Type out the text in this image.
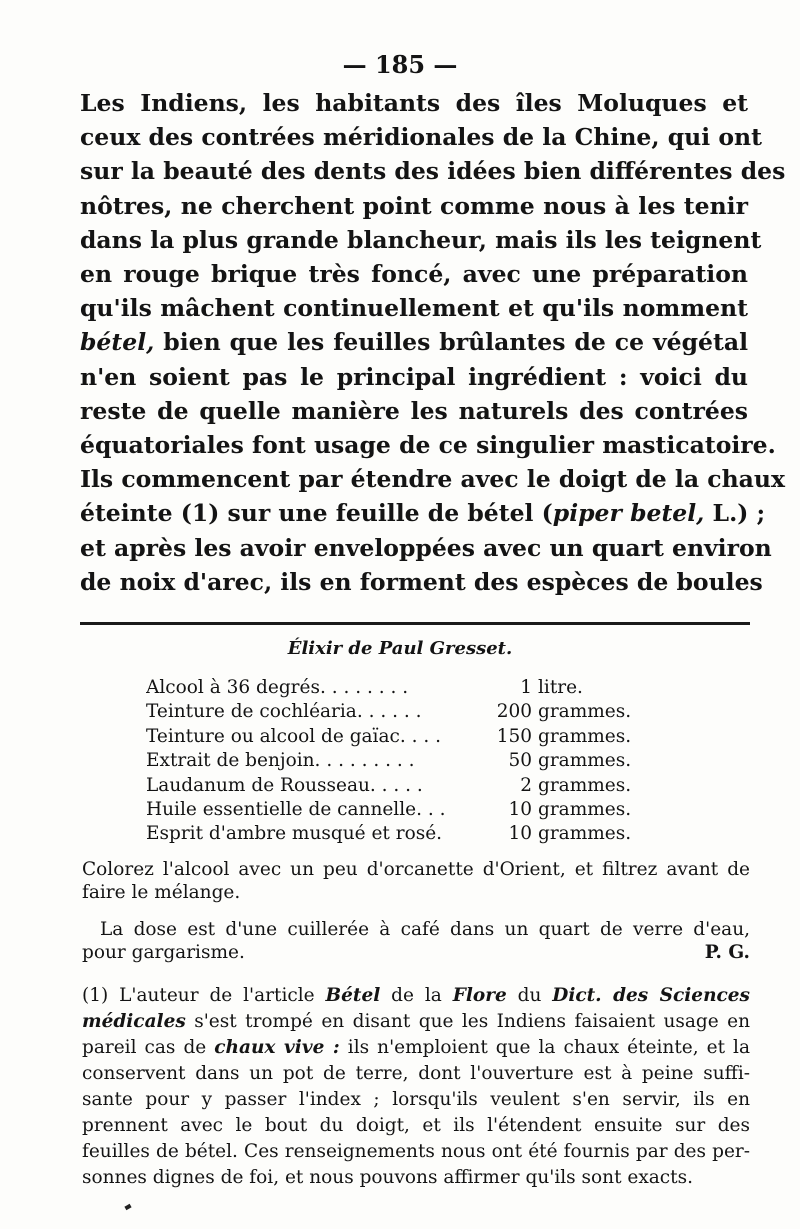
— 185 —
Les Indiens, les habitants des îles Moluques et
ceux des contrées méridionales de la Chine, qui ont
sur la beauté des dents des idées bien différentes des
nôtres, ne cherchent point comme nous à les tenir
dans la plus grande blancheur, mais ils les teignent
en rouge brique très foncé, avec une préparation
qu'ils mâchent continuellement et qu'ils nomment
bétel, bien que les feuilles brûlantes de ce végétal
n'en soient pas le principal ingrédient : voici du
reste de quelle manière les naturels des contrées
équatoriales font usage de ce singulier masticatoire.
Ils commencent par étendre avec le doigt de la chaux
éteinte (1) sur une feuille de bétel (piper betel, L.) ;
et après les avoir enveloppées avec un quart environ
de noix d'arec, ils en forment des espèces de boules
Élixir de Paul Gresset.
Alcool à 36 degrés. . . . . . . .	1 litre.
Teinture de cochléaria. . . . . .	200 grammes.
Teinture ou alcool de gaïac. . . .	150 grammes.
Extrait de benjoin. . . . . . . . .	50 grammes.
Laudanum de Rousseau. . . . .	2 grammes.
Huile essentielle de cannelle. . .	10 grammes.
Esprit d'ambre musqué et rosé.	10 grammes.
Colorez l'alcool avec un peu d'orcanette d'Orient, et filtrez avant de
faire le mélange.
La dose est d'une cuillerée à café dans un quart de verre d'eau,
pour gargarisme.	P. G.
(1) L'auteur de l'article Bétel de la Flore du Dict. des Sciences
médicales s'est trompé en disant que les Indiens faisaient usage en
pareil cas de chaux vive : ils n'emploient que la chaux éteinte, et la
conservent dans un pot de terre, dont l'ouverture est à peine suffi-
sante pour y passer l'index ; lorsqu'ils veulent s'en servir, ils en
prennent avec le bout du doigt, et ils l'étendent ensuite sur des
feuilles de bétel. Ces renseignements nous ont été fournis par des per-
sonnes dignes de foi, et nous pouvons affirmer qu'ils sont exacts.
